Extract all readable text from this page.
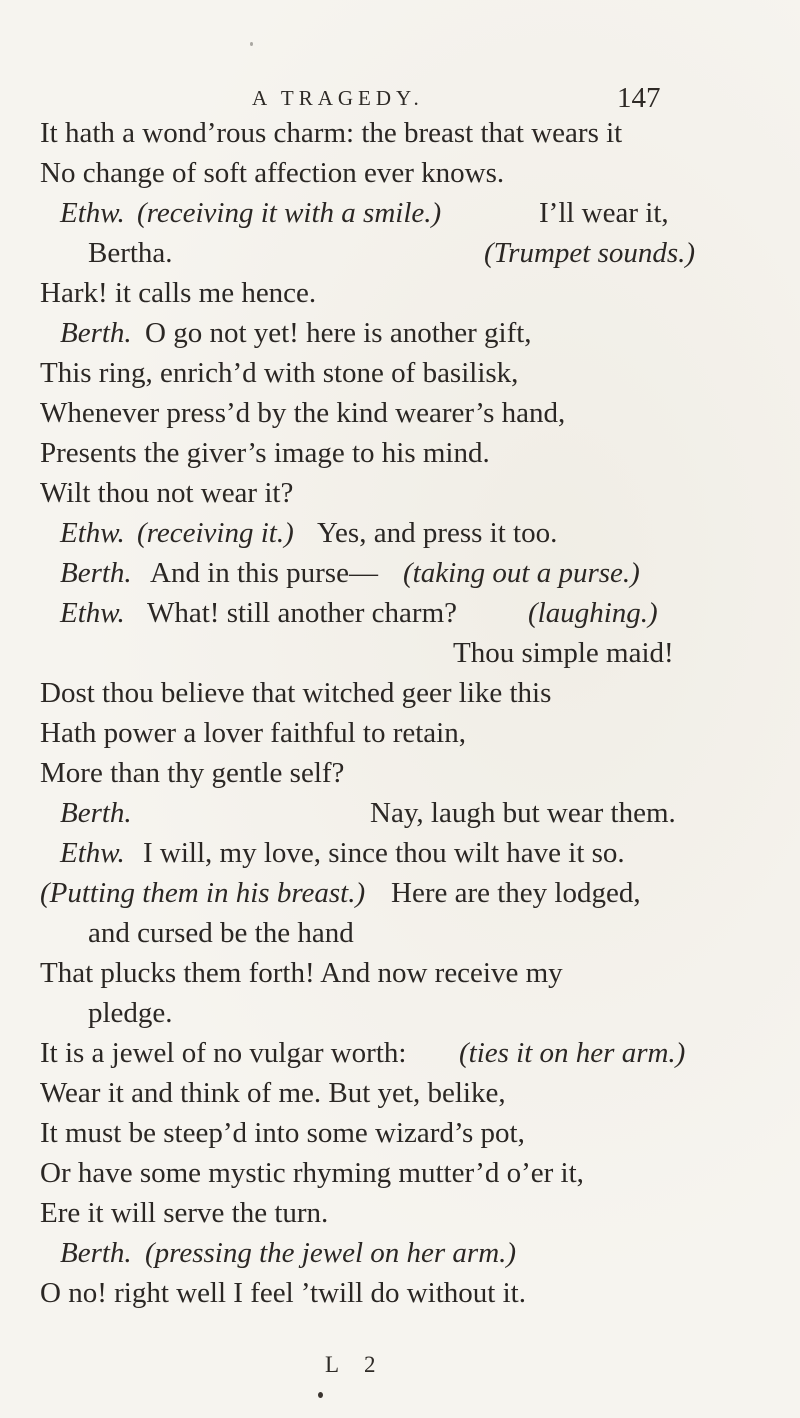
A TRAGEDY.	147
It hath a wond’rous charm: the breast that wears it
No change of soft affection ever knows.
Ethw. (receiving it with a smile.)	I’ll wear it,
Bertha.	(Trumpet sounds.)
Hark! it calls me hence.
Berth. O go not yet! here is another gift,
This ring, enrich’d with stone of basilisk,
Whenever press’d by the kind wearer’s hand,
Presents the giver’s image to his mind.
Wilt thou not wear it?
Ethw. (receiving it.) Yes, and press it too.
Berth. And in this purse— (taking out a purse.)
Ethw. What! still another charm? (laughing.)
Thou simple maid!
Dost thou believe that witched geer like this
Hath power a lover faithful to retain,
More than thy gentle self?
Berth.	Nay, laugh but wear them.
Ethw. I will, my love, since thou wilt have it so.
(Putting them in his breast.) Here are they lodged,
and cursed be the hand
That plucks them forth! And now receive my
pledge.
It is a jewel of no vulgar worth: (ties it on her arm.)
Wear it and think of me. But yet, belike,
It must be steep’d into some wizard’s pot,
Or have some mystic rhyming mutter’d o’er it,
Ere it will serve the turn.
Berth. (pressing the jewel on her arm.)
O no! right well I feel ’twill do without it.
L 2
